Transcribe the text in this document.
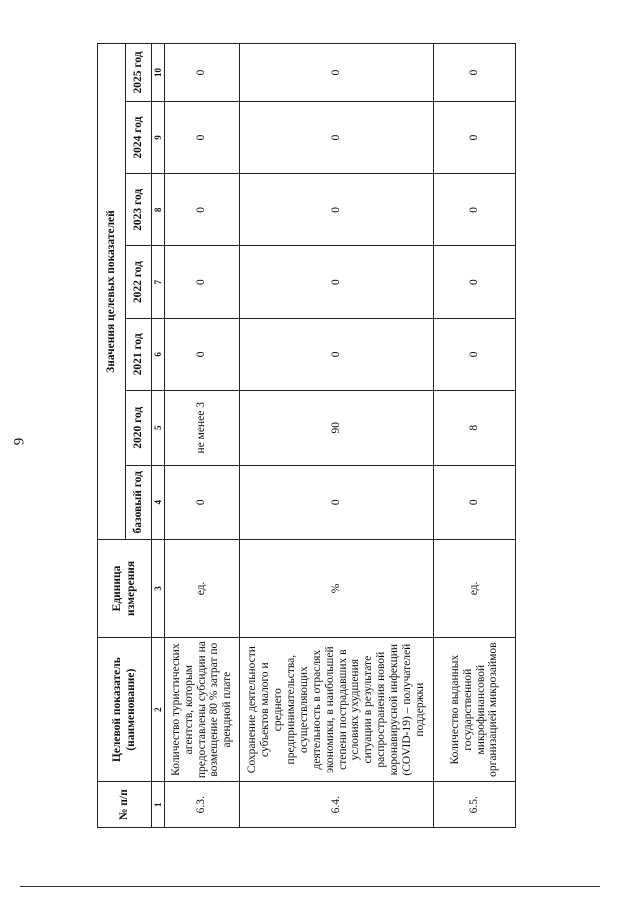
9
№ п/п	Целевой показатель (наименование)	Единица измерения	Значения целевых показателей						
			базовый год	2020 год	2021 год	2022 год	2023 год	2024 год	2025 год
1	2	3	4	5	6	7	8	9	10
6.3.	Количество туристических агентств, которым предоставлены субсидии на возмещение 80 % затрат по арендной плате	ед.	0	не менее 3	0	0	0	0	0
6.4.	Сохранение деятельности субъектов малого и среднего предпринимательства, осуществляющих деятельность в отраслях экономики, в наибольшей степени пострадавших в условиях ухудшения ситуации в результате распространения новой коронавирусной инфекции (COVID-19) – получателей поддержки	%	0	90	0	0	0	0	0
6.5.	Количество выданных государственной микрофинансовой организацией микрозаймов	ед.	0	8	0	0	0	0	0
